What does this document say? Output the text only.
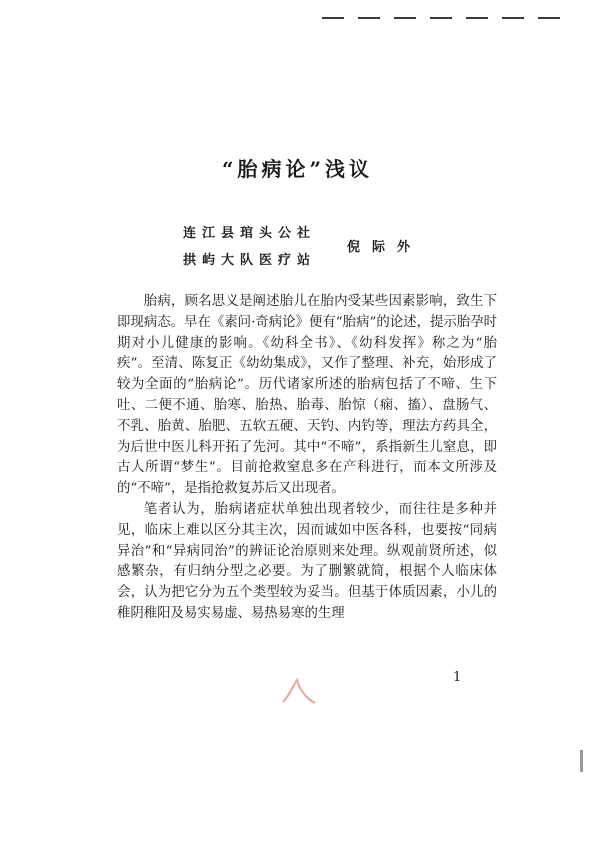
“胎病论”浅议
连江县琯头公社
拱屿大队医疗站
倪际外

胎病，顾名思义是阐述胎儿在胎内受某些因素影响，致生下即现病态。早在《素问·奇病论》便有“胎病”的论述，提示胎孕时期对小儿健康的影响。《幼科全书》、《幼科发挥》称之为“胎疾”。至清、陈复正《幼幼集成》，又作了整理、补充，始形成了较为全面的“胎病论”。历代诸家所述的胎病包括了不啼、生下吐、二便不通、胎寒、胎热、胎毒、胎惊（痫、搐）、盘肠气、不乳、胎黄、胎肥、五软五硬、天钓、内钓等，理法方药具全，为后世中医儿科开拓了先河。其中“不啼”，系指新生儿窒息，即古人所谓“梦生”。目前抢救窒息多在产科进行，而本文所涉及的“不啼”，是指抢救复苏后又出现者。

笔者认为，胎病诸症状单独出现者较少，而往往是多种并见，临床上难以区分其主次，因而诚如中医各科，也要按“同病异治”和“异病同治”的辨证论治原则来处理。纵观前贤所述，似感繁杂，有归纳分型之必要。为了删繁就简，根据个人临床体会，认为把它分为五个类型较为妥当。但基于体质因素，小儿的稚阴稚阳及易实易虚、易热易寒的生理

1
